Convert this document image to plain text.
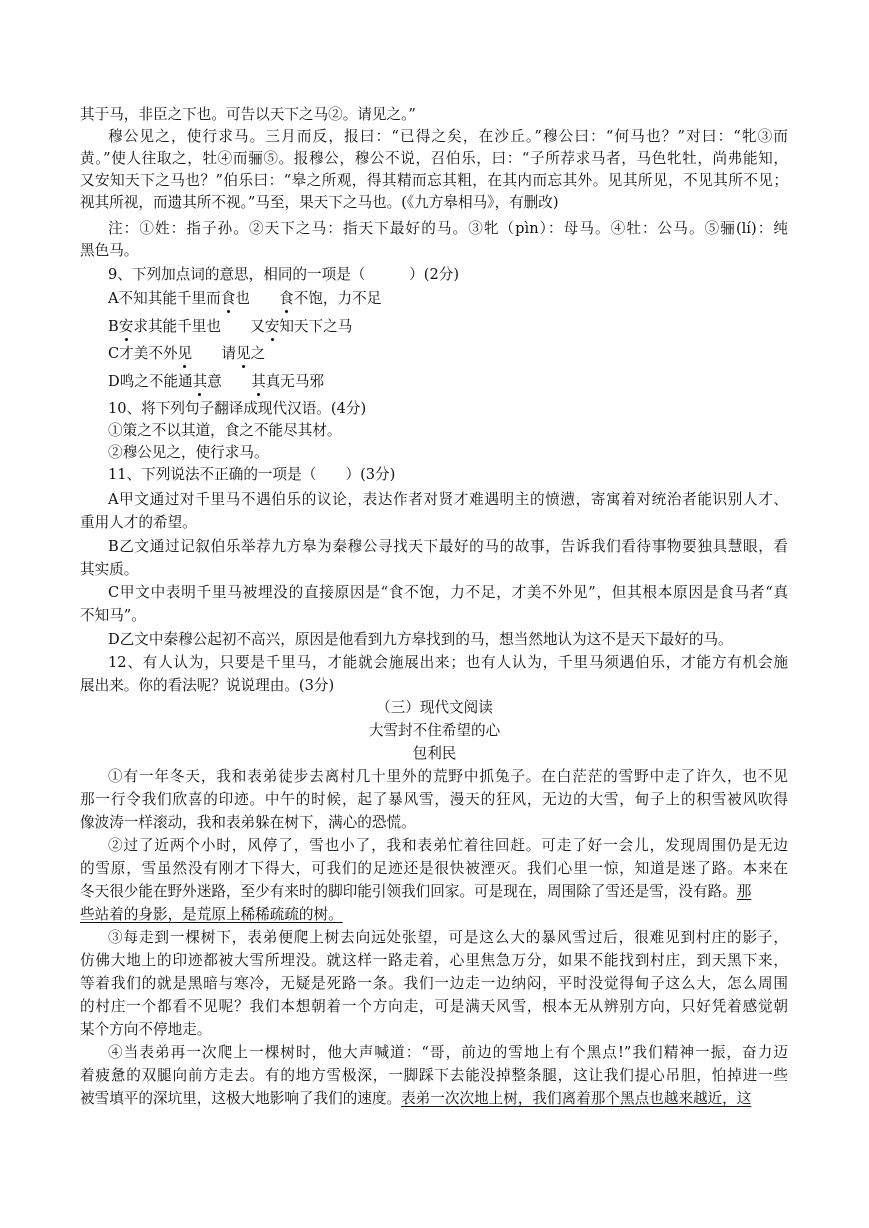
其于马，非臣之下也。可告以天下之马②。请见之。”
穆公见之，使行求马。三月而反，报曰：“已得之矣，在沙丘。”穆公曰：“何马也？”对曰：“牝③而
黄。”使人往取之，牡④而骊⑤。报穆公，穆公不说，召伯乐，曰：“子所荐求马者，马色牝牡，尚弗能知，
又安知天下之马也？”伯乐曰：“皋之所观，得其精而忘其粗，在其内而忘其外。见其所见，不见其所不见；
视其所视，而遗其所不视。”马至，果天下之马也。(《九方皋相马》，有删改)
注：①姓：指子孙。②天下之马：指天下最好的马。③牝（pìn）：母马。④牡：公马。⑤骊(lí)：纯
黑色马。
9、下列加点词的意思，相同的一项是（　　　）(2分)
A不知其能千里而食也　　食不饱，力不足
B安求其能千里也　　又安知天下之马
C才美不外见　　请见之
D鸣之不能通其意　　其真无马邪
10、将下列句子翻译成现代汉语。(4分)
①策之不以其道，食之不能尽其材。
②穆公见之，使行求马。
11、下列说法不正确的一项是（　　）(3分)
A甲文通过对千里马不遇伯乐的议论，表达作者对贤才难遇明主的愤懑，寄寓着对统治者能识别人才、
重用人才的希望。
B乙文通过记叙伯乐举荐九方皋为秦穆公寻找天下最好的马的故事，告诉我们看待事物要独具慧眼，看
其实质。
C甲文中表明千里马被埋没的直接原因是“食不饱，力不足，才美不外见”，但其根本原因是食马者“真
不知马”。
D乙文中秦穆公起初不高兴，原因是他看到九方皋找到的马，想当然地认为这不是天下最好的马。
12、有人认为，只要是千里马，才能就会施展出来；也有人认为，千里马须遇伯乐，才能方有机会施
展出来。你的看法呢？说说理由。(3分)
（三）现代文阅读
大雪封不住希望的心
包利民
①有一年冬天，我和表弟徒步去离村几十里外的荒野中抓兔子。在白茫茫的雪野中走了许久，也不见
那一行令我们欣喜的印迹。中午的时候，起了暴风雪，漫天的狂风，无边的大雪，甸子上的积雪被风吹得
像波涛一样滚动，我和表弟躲在树下，满心的恐慌。
②过了近两个小时，风停了，雪也小了，我和表弟忙着往回赶。可走了好一会儿，发现周围仍是无边
的雪原，雪虽然没有刚才下得大，可我们的足迹还是很快被湮灭。我们心里一惊，知道是迷了路。本来在
冬天很少能在野外迷路，至少有来时的脚印能引领我们回家。可是现在，周围除了雪还是雪，没有路。那
些站着的身影，是荒原上稀稀疏疏的树。
③每走到一棵树下，表弟便爬上树去向远处张望，可是这么大的暴风雪过后，很难见到村庄的影子，
仿佛大地上的印迹都被大雪所埋没。就这样一路走着，心里焦急万分，如果不能找到村庄，到天黑下来，
等着我们的就是黑暗与寒冷，无疑是死路一条。我们一边走一边纳闷，平时没觉得甸子这么大，怎么周围
的村庄一个都看不见呢？我们本想朝着一个方向走，可是满天风雪，根本无从辨别方向，只好凭着感觉朝
某个方向不停地走。
④当表弟再一次爬上一棵树时，他大声喊道：“哥，前边的雪地上有个黑点!”我们精神一振，奋力迈
着疲惫的双腿向前方走去。有的地方雪极深，一脚踩下去能没掉整条腿，这让我们提心吊胆，怕掉进一些
被雪填平的深坑里，这极大地影响了我们的速度。表弟一次次地上树，我们离着那个黑点也越来越近，这
